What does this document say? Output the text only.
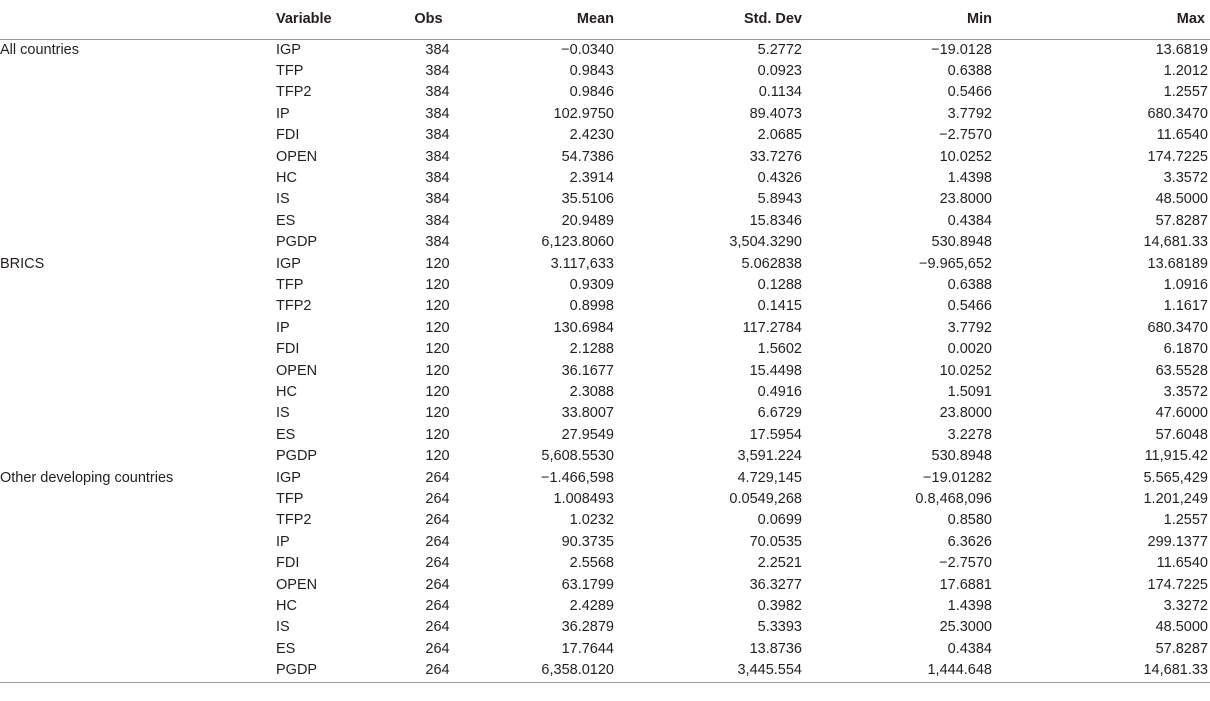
	Variable	Obs	Mean	Std. Dev	Min	Max
All countries	IGP	384	−0.0340	5.2772	−19.0128	13.6819
	TFP	384	0.9843	0.0923	0.6388	1.2012
	TFP2	384	0.9846	0.1134	0.5466	1.2557
	IP	384	102.9750	89.4073	3.7792	680.3470
	FDI	384	2.4230	2.0685	−2.7570	11.6540
	OPEN	384	54.7386	33.7276	10.0252	174.7225
	HC	384	2.3914	0.4326	1.4398	3.3572
	IS	384	35.5106	5.8943	23.8000	48.5000
	ES	384	20.9489	15.8346	0.4384	57.8287
	PGDP	384	6,123.8060	3,504.3290	530.8948	14,681.33
BRICS	IGP	120	3.117,633	5.062838	−9.965,652	13.68189
	TFP	120	0.9309	0.1288	0.6388	1.0916
	TFP2	120	0.8998	0.1415	0.5466	1.1617
	IP	120	130.6984	117.2784	3.7792	680.3470
	FDI	120	2.1288	1.5602	0.0020	6.1870
	OPEN	120	36.1677	15.4498	10.0252	63.5528
	HC	120	2.3088	0.4916	1.5091	3.3572
	IS	120	33.8007	6.6729	23.8000	47.6000
	ES	120	27.9549	17.5954	3.2278	57.6048
	PGDP	120	5,608.5530	3,591.224	530.8948	11,915.42
Other developing countries	IGP	264	−1.466,598	4.729,145	−19.01282	5.565,429
	TFP	264	1.008493	0.0549,268	0.8,468,096	1.201,249
	TFP2	264	1.0232	0.0699	0.8580	1.2557
	IP	264	90.3735	70.0535	6.3626	299.1377
	FDI	264	2.5568	2.2521	−2.7570	11.6540
	OPEN	264	63.1799	36.3277	17.6881	174.7225
	HC	264	2.4289	0.3982	1.4398	3.3272
	IS	264	36.2879	5.3393	25.3000	48.5000
	ES	264	17.7644	13.8736	0.4384	57.8287
	PGDP	264	6,358.0120	3,445.554	1,444.648	14,681.33
